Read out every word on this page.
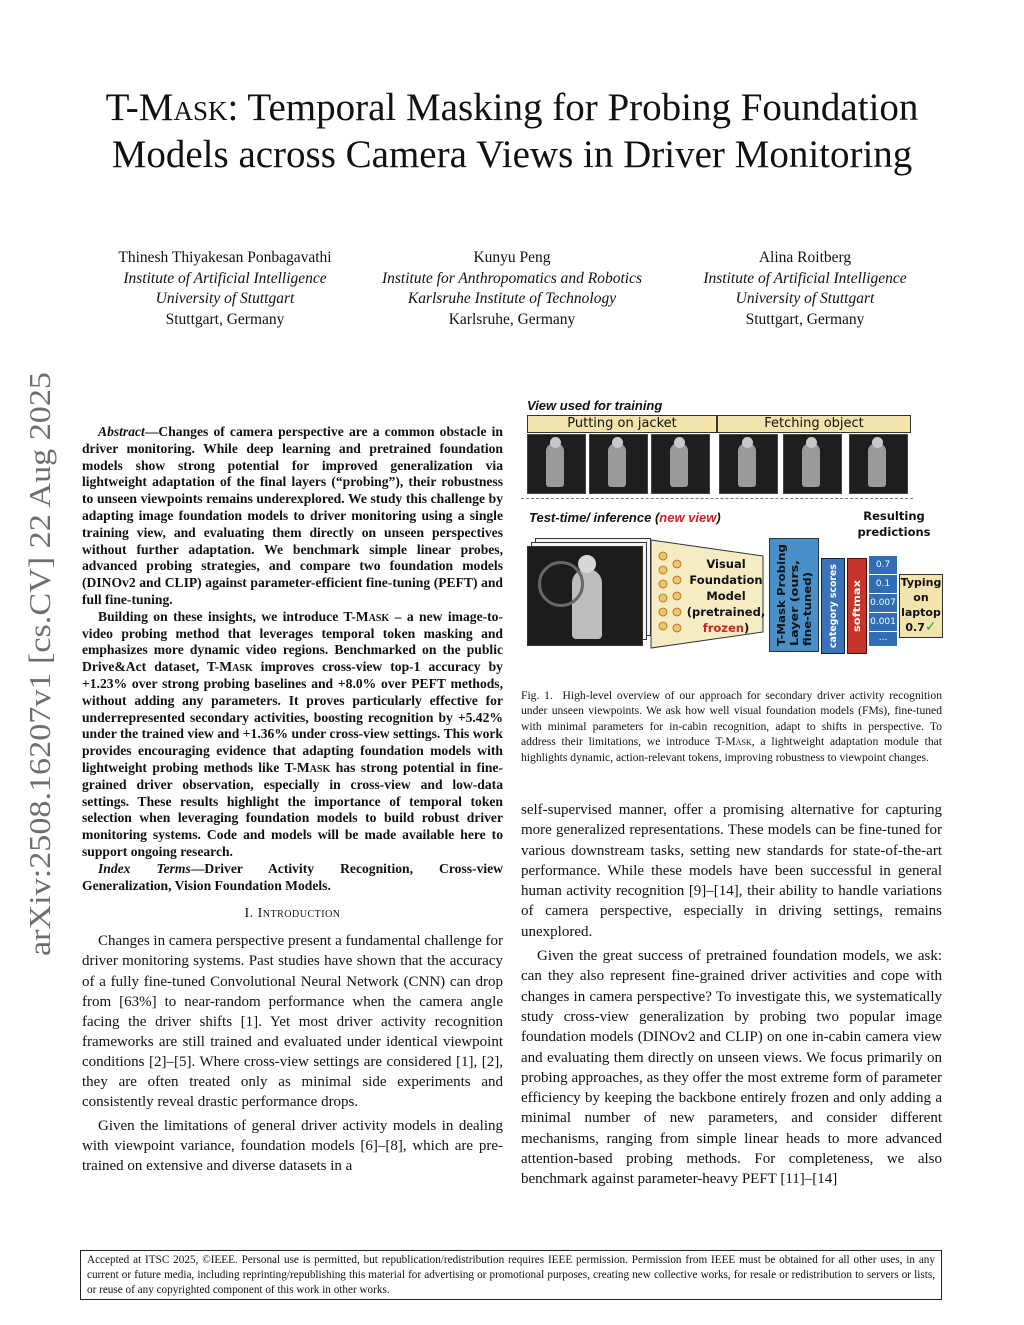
arXiv:2508.16207v1 [cs.CV] 22 Aug 2025
T-Mask: Temporal Masking for Probing Foundation Models across Camera Views in Driver Monitoring
Thinesh Thiyakesan Ponbagavathi
Institute of Artificial Intelligence
University of Stuttgart
Stuttgart, Germany
Kunyu Peng
Institute for Anthropomatics and Robotics
Karlsruhe Institute of Technology
Karlsruhe, Germany
Alina Roitberg
Institute of Artificial Intelligence
University of Stuttgart
Stuttgart, Germany

Abstract—Changes of camera perspective are a common obstacle in driver monitoring. While deep learning and pretrained foundation models show strong potential for improved generalization via lightweight adaptation of the final layers (“probing”), their robustness to unseen viewpoints remains underexplored. We study this challenge by adapting image foundation models to driver monitoring using a single training view, and evaluating them directly on unseen perspectives without further adaptation. We benchmark simple linear probes, advanced probing strategies, and compare two foundation models (DINOv2 and CLIP) against parameter-efficient fine-tuning (PEFT) and full fine-tuning.

Building on these insights, we introduce T-Mask – a new image-to-video probing method that leverages temporal token masking and emphasizes more dynamic video regions. Benchmarked on the public Drive&Act dataset, T-Mask improves cross-view top-1 accuracy by +1.23% over strong probing baselines and +8.0% over PEFT methods, without adding any parameters. It proves particularly effective for underrepresented secondary activities, boosting recognition by +5.42% under the trained view and +1.36% under cross-view settings. This work provides encouraging evidence that adapting foundation models with lightweight probing methods like T-Mask has strong potential in fine-grained driver observation, especially in cross-view and low-data settings. These results highlight the importance of temporal token selection when leveraging foundation models to build robust driver monitoring systems. Code and models will be made available here to support ongoing research.

Index Terms—Driver Activity Recognition, Cross-view Generalization, Vision Foundation Models.

I. Introduction

Changes in camera perspective present a fundamental challenge for driver monitoring systems. Past studies have shown that the accuracy of a fully fine-tuned Convolutional Neural Network (CNN) can drop from [63%] to near-random performance when the camera angle facing the driver shifts [1]. Yet most driver activity recognition frameworks are still trained and evaluated under identical viewpoint conditions [2]–[5]. Where cross-view settings are considered [1], [2], they are often treated only as minimal side experiments and consistently reveal drastic performance drops.

Given the limitations of general driver activity models in dealing with viewpoint variance, foundation models [6]–[8], which are pre-trained on extensive and diverse datasets in a

View used for training
Putting on jacket	Fetching object
Test-time/ inference (new view)	Resulting
predictions
Visual
Foundation
Model
(pretrained,
frozen)	T-Mask Probing Layer (ours, fine-tuned) category scores softmax
0.7
0.1
0.007
0.001
...
Typing
on
laptop
0.7✓
Fig. 1. High-level overview of our approach for secondary driver activity recognition under unseen viewpoints. We ask how well visual foundation models (FMs), fine-tuned with minimal parameters for in-cabin recognition, adapt to shifts in perspective. To address their limitations, we introduce T-Mask, a lightweight adaptation module that highlights dynamic, action-relevant tokens, improving robustness to viewpoint changes.

self-supervised manner, offer a promising alternative for capturing more generalized representations. These models can be fine-tuned for various downstream tasks, setting new standards for state-of-the-art performance. While these models have been successful in general human activity recognition [9]–[14], their ability to handle variations of camera perspective, especially in driving settings, remains unexplored.

Given the great success of pretrained foundation models, we ask: can they also represent fine-grained driver activities and cope with changes in camera perspective? To investigate this, we systematically study cross-view generalization by probing two popular image foundation models (DINOv2 and CLIP) on one in-cabin camera view and evaluating them directly on unseen views. We focus primarily on probing approaches, as they offer the most extreme form of parameter efficiency by keeping the backbone entirely frozen and only adding a minimal number of new parameters, and consider different mechanisms, ranging from simple linear heads to more advanced attention-based probing methods. For completeness, we also benchmark against parameter-heavy PEFT [11]–[14]

Accepted at ITSC 2025, ©IEEE. Personal use is permitted, but republication/redistribution requires IEEE permission. Permission from IEEE must be obtained for all other uses, in any current or future media, including reprinting/republishing this material for advertising or promotional purposes, creating new collective works, for resale or redistribution to servers or lists, or reuse of any copyrighted component of this work in other works.
